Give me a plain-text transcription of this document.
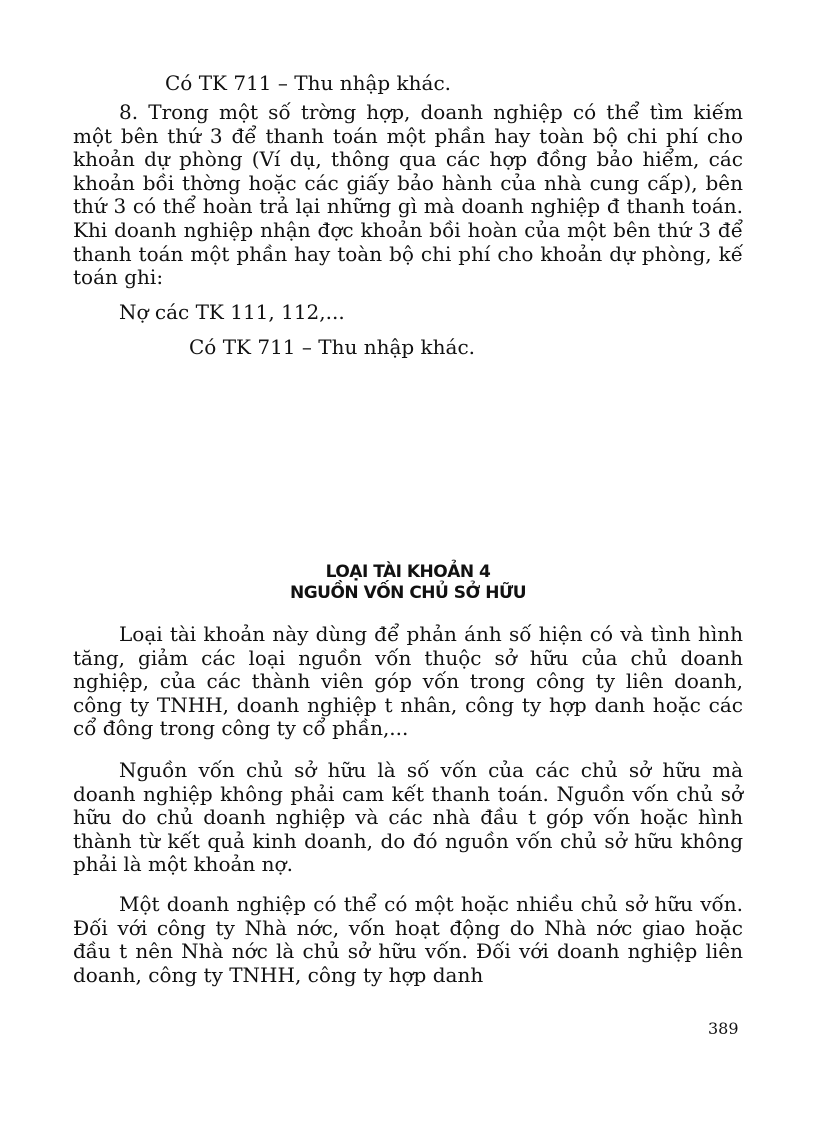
Có TK 711 – Thu nhập khác.
8. Trong một số trờng hợp, doanh nghiệp có thể tìm kiếm một bên thứ 3 để thanh toán một phần hay toàn bộ chi phí cho khoản dự phòng (Ví dụ, thông qua các hợp đồng bảo hiểm, các khoản bồi thờng hoặc các giấy bảo hành của nhà cung cấp), bên thứ 3 có thể hoàn trả lại những gì mà doanh nghiệp đ thanh toán. Khi doanh nghiệp nhận đợc khoản bồi hoàn của một bên thứ 3 để thanh toán một phần hay toàn bộ chi phí cho khoản dự phòng, kế toán ghi:
Nợ các TK 111, 112,...
Có TK 711 – Thu nhập khác.
LOẠI TÀI KHOẢN 4
NGUỒN VỐN CHỦ SỞ HỮU
Loại tài khoản này dùng để phản ánh số hiện có và tình hình tăng, giảm các loại nguồn vốn thuộc sở hữu của chủ doanh nghiệp, của các thành viên góp vốn trong công ty liên doanh, công ty TNHH, doanh nghiệp t nhân, công ty hợp danh hoặc các cổ đông trong công ty cổ phần,...
Nguồn vốn chủ sở hữu là số vốn của các chủ sở hữu mà doanh nghiệp không phải cam kết thanh toán. Nguồn vốn chủ sở hữu do chủ doanh nghiệp và các nhà đầu t góp vốn hoặc hình thành từ kết quả kinh doanh, do đó nguồn vốn chủ sở hữu không phải là một khoản nợ.
Một doanh nghiệp có thể có một hoặc nhiều chủ sở hữu vốn. Đối với công ty Nhà nớc, vốn hoạt động do Nhà nớc giao hoặc đầu t nên Nhà nớc là chủ sở hữu vốn. Đối với doanh nghiệp liên doanh, công ty TNHH, công ty hợp danh
389
